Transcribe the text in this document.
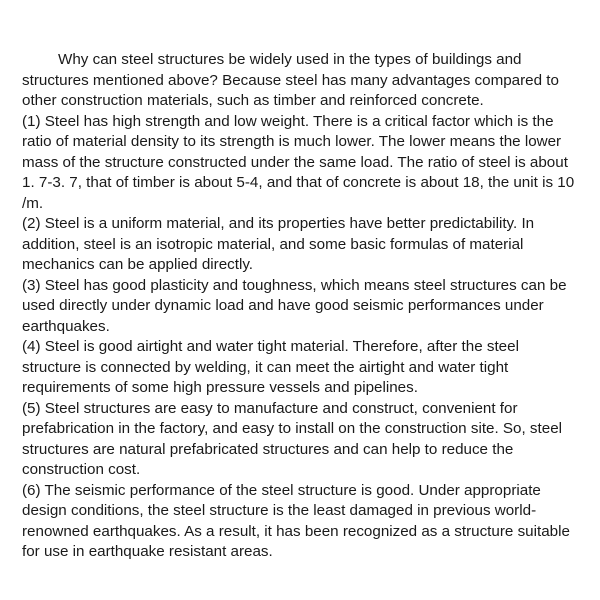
Why can steel structures be widely used in the types of buildings and structures mentioned above? Because steel has many advantages compared to other construction materials, such as timber and reinforced concrete.

(1) Steel has high strength and low weight. There is a critical factor which is the ratio of material density to its strength is much lower. The lower means the lower mass of the structure constructed under the same load. The ratio of steel is about 1. 7-3. 7, that of timber is about 5-4, and that of concrete is about 18, the unit is 10 /m.

(2) Steel is a uniform material, and its properties have better predictability. In addition, steel is an isotropic material, and some basic formulas of material mechanics can be applied directly.

(3) Steel has good plasticity and toughness, which means steel structures can be used directly under dynamic load and have good seismic performances under earthquakes.

(4) Steel is good airtight and water tight material. Therefore, after the steel structure is connected by welding, it can meet the airtight and water tight requirements of some high pressure vessels and pipelines.

(5) Steel structures are easy to manufacture and construct, convenient for prefabrication in the factory, and easy to install on the construction site. So, steel structures are natural prefabricated structures and can help to reduce the construction cost.

(6) The seismic performance of the steel structure is good. Under appropriate design conditions, the steel structure is the least damaged in previous world-renowned earthquakes. As a result, it has been recognized as a structure suitable for use in earthquake resistant areas.
